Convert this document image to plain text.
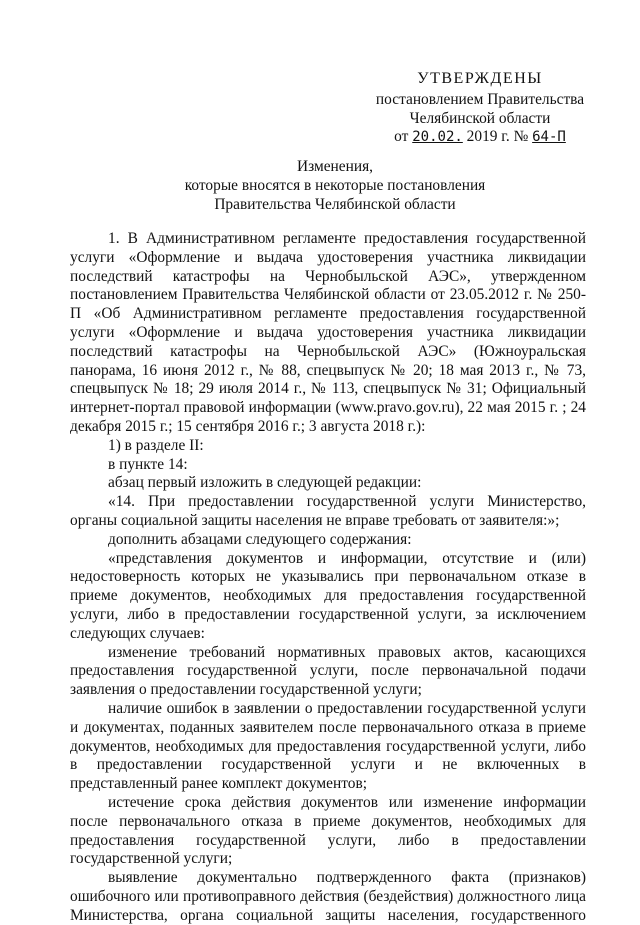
УТВЕРЖДЕНЫ
постановлением Правительства
Челябинской области
от 20.02. 2019 г. № 64-П
Изменения,
которые вносятся в некоторые постановления
Правительства Челябинской области

1. В Административном регламенте предоставления государственной услуги «Оформление и выдача удостоверения участника ликвидации последствий катастрофы на Чернобыльской АЭС», утвержденном постановлением Правительства Челябинской области от 23.05.2012 г. № 250-П «Об Административном регламенте предоставления государственной услуги «Оформление и выдача удостоверения участника ликвидации последствий катастрофы на Чернобыльской АЭС» (Южноуральская панорама, 16 июня 2012 г., № 88, спецвыпуск № 20; 18 мая 2013 г., № 73, спецвыпуск № 18; 29 июля 2014 г., № 113, спецвыпуск № 31; Официальный интернет-портал правовой информации (www.pravo.gov.ru), 22 мая 2015 г. ; 24 декабря 2015 г.; 15 сентября 2016 г.; 3 августа 2018 г.):

1) в разделе II:

в пункте 14:

абзац первый изложить в следующей редакции:

«14. При предоставлении государственной услуги Министерство, органы социальной защиты населения не вправе требовать от заявителя:»;

дополнить абзацами следующего содержания:

«представления документов и информации, отсутствие и (или) недостоверность которых не указывались при первоначальном отказе в приеме документов, необходимых для предоставления государственной услуги, либо в предоставлении государственной услуги, за исключением следующих случаев:

изменение требований нормативных правовых актов, касающихся предоставления государственной услуги, после первоначальной подачи заявления о предоставлении государственной услуги;

наличие ошибок в заявлении о предоставлении государственной услуги и документах, поданных заявителем после первоначального отказа в приеме документов, необходимых для предоставления государственной услуги, либо в предоставлении государственной услуги и не включенных в представленный ранее комплект документов;

истечение срока действия документов или изменение информации после первоначального отказа в приеме документов, необходимых для предоставления государственной услуги, либо в предоставлении государственной услуги;

выявление документально подтвержденного факта (признаков) ошибочного или противоправного действия (бездействия) должностного лица Министерства, органа социальной защиты населения, государственного
